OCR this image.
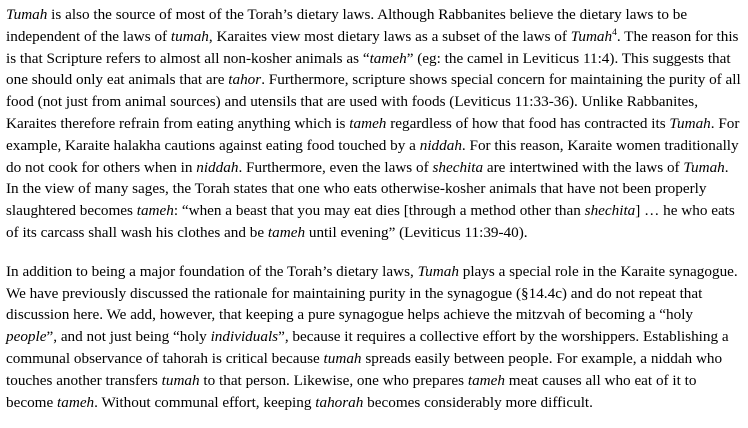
Tumah is also the source of most of the Torah’s dietary laws. Although Rabbanites believe the dietary laws to be independent of the laws of tumah, Karaites view most dietary laws as a subset of the laws of Tumah$^4$. The reason for this is that Scripture refers to almost all non-kosher animals as “tameh” (eg: the camel in Leviticus 11:4). This suggests that one should only eat animals that are tahor. Furthermore, scripture shows special concern for maintaining the purity of all food (not just from animal sources) and utensils that are used with foods (Leviticus 11:33-36). Unlike Rabbanites, Karaites therefore refrain from eating anything which is tameh regardless of how that food has contracted its Tumah. For example, Karaite halakha cautions against eating food touched by a niddah. For this reason, Karaite women traditionally do not cook for others when in niddah. Furthermore, even the laws of shechita are intertwined with the laws of Tumah. In the view of many sages, the Torah states that one who eats otherwise-kosher animals that have not been properly slaughtered becomes tameh: “when a beast that you may eat dies [through a method other than shechita] … he who eats of its carcass shall wash his clothes and be tameh until evening” (Leviticus 11:39-40).

In addition to being a major foundation of the Torah’s dietary laws, Tumah plays a special role in the Karaite synagogue. We have previously discussed the rationale for maintaining purity in the synagogue (§14.4c) and do not repeat that discussion here. We add, however, that keeping a pure synagogue helps achieve the mitzvah of becoming a “holy people”, and not just being “holy individuals”, because it requires a collective effort by the worshippers. Establishing a communal observance of tahorah is critical because tumah spreads easily between people. For example, a niddah who touches another transfers tumah to that person. Likewise, one who prepares tameh meat causes all who eat of it to become tameh. Without communal effort, keeping tahorah becomes considerably more difficult.
